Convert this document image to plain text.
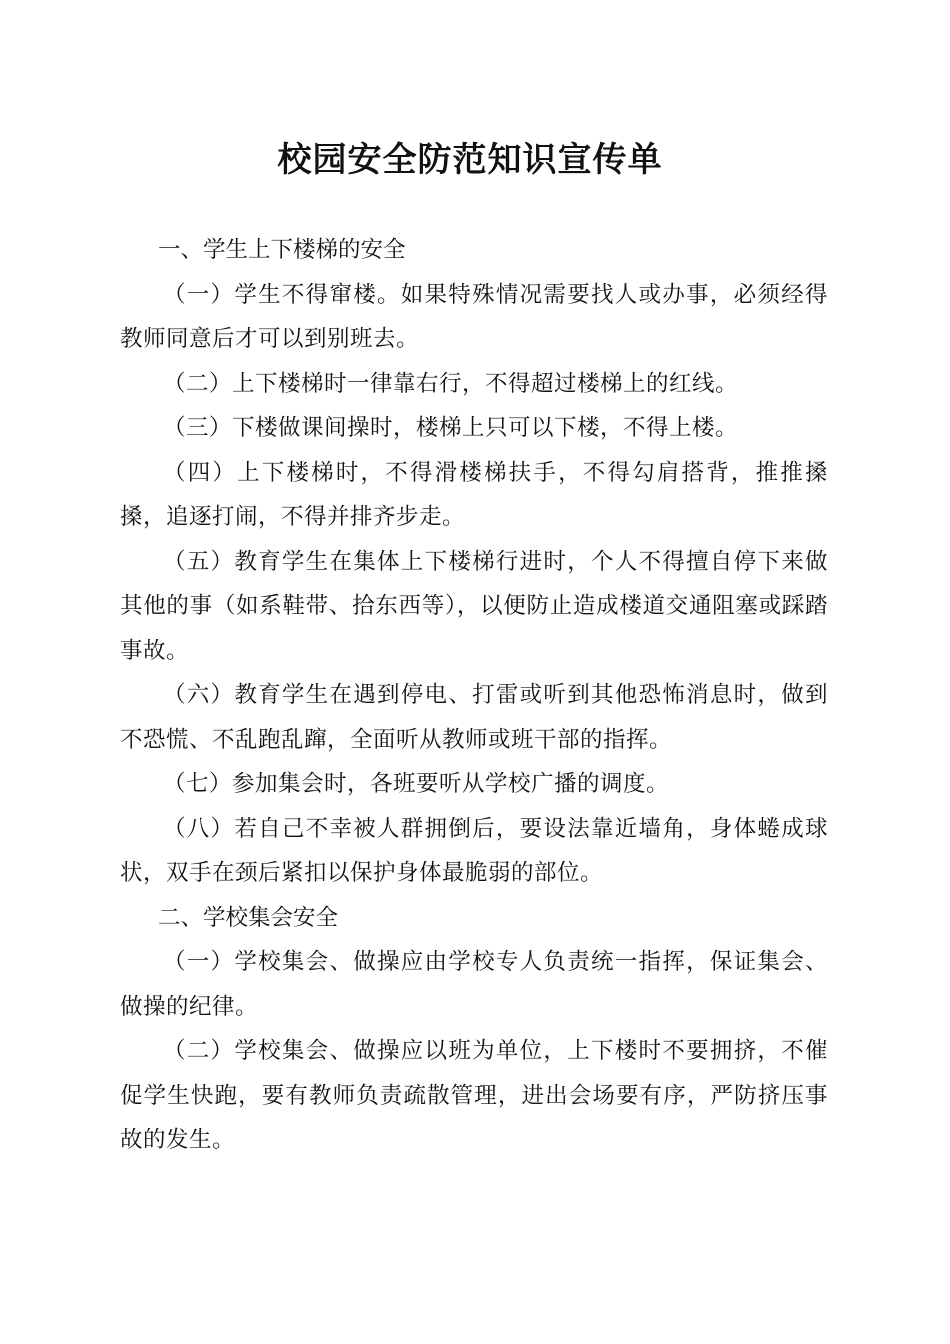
校园安全防范知识宣传单
一、学生上下楼梯的安全

（一）学生不得窜楼。如果特殊情况需要找人或办事，必须经得教师同意后才可以到别班去。

（二）上下楼梯时一律靠右行，不得超过楼梯上的红线。

（三）下楼做课间操时，楼梯上只可以下楼，不得上楼。

（四）上下楼梯时，不得滑楼梯扶手，不得勾肩搭背，推推搡搡，追逐打闹，不得并排齐步走。

（五）教育学生在集体上下楼梯行进时，个人不得擅自停下来做其他的事（如系鞋带、拾东西等），以便防止造成楼道交通阻塞或踩踏事故。

（六）教育学生在遇到停电、打雷或听到其他恐怖消息时，做到不恐慌、不乱跑乱蹿，全面听从教师或班干部的指挥。

（七）参加集会时，各班要听从学校广播的调度。

（八）若自己不幸被人群拥倒后，要设法靠近墙角，身体蜷成球状，双手在颈后紧扣以保护身体最脆弱的部位。

二、学校集会安全

（一）学校集会、做操应由学校专人负责统一指挥，保证集会、做操的纪律。

（二）学校集会、做操应以班为单位，上下楼时不要拥挤，不催促学生快跑，要有教师负责疏散管理，进出会场要有序，严防挤压事故的发生。
